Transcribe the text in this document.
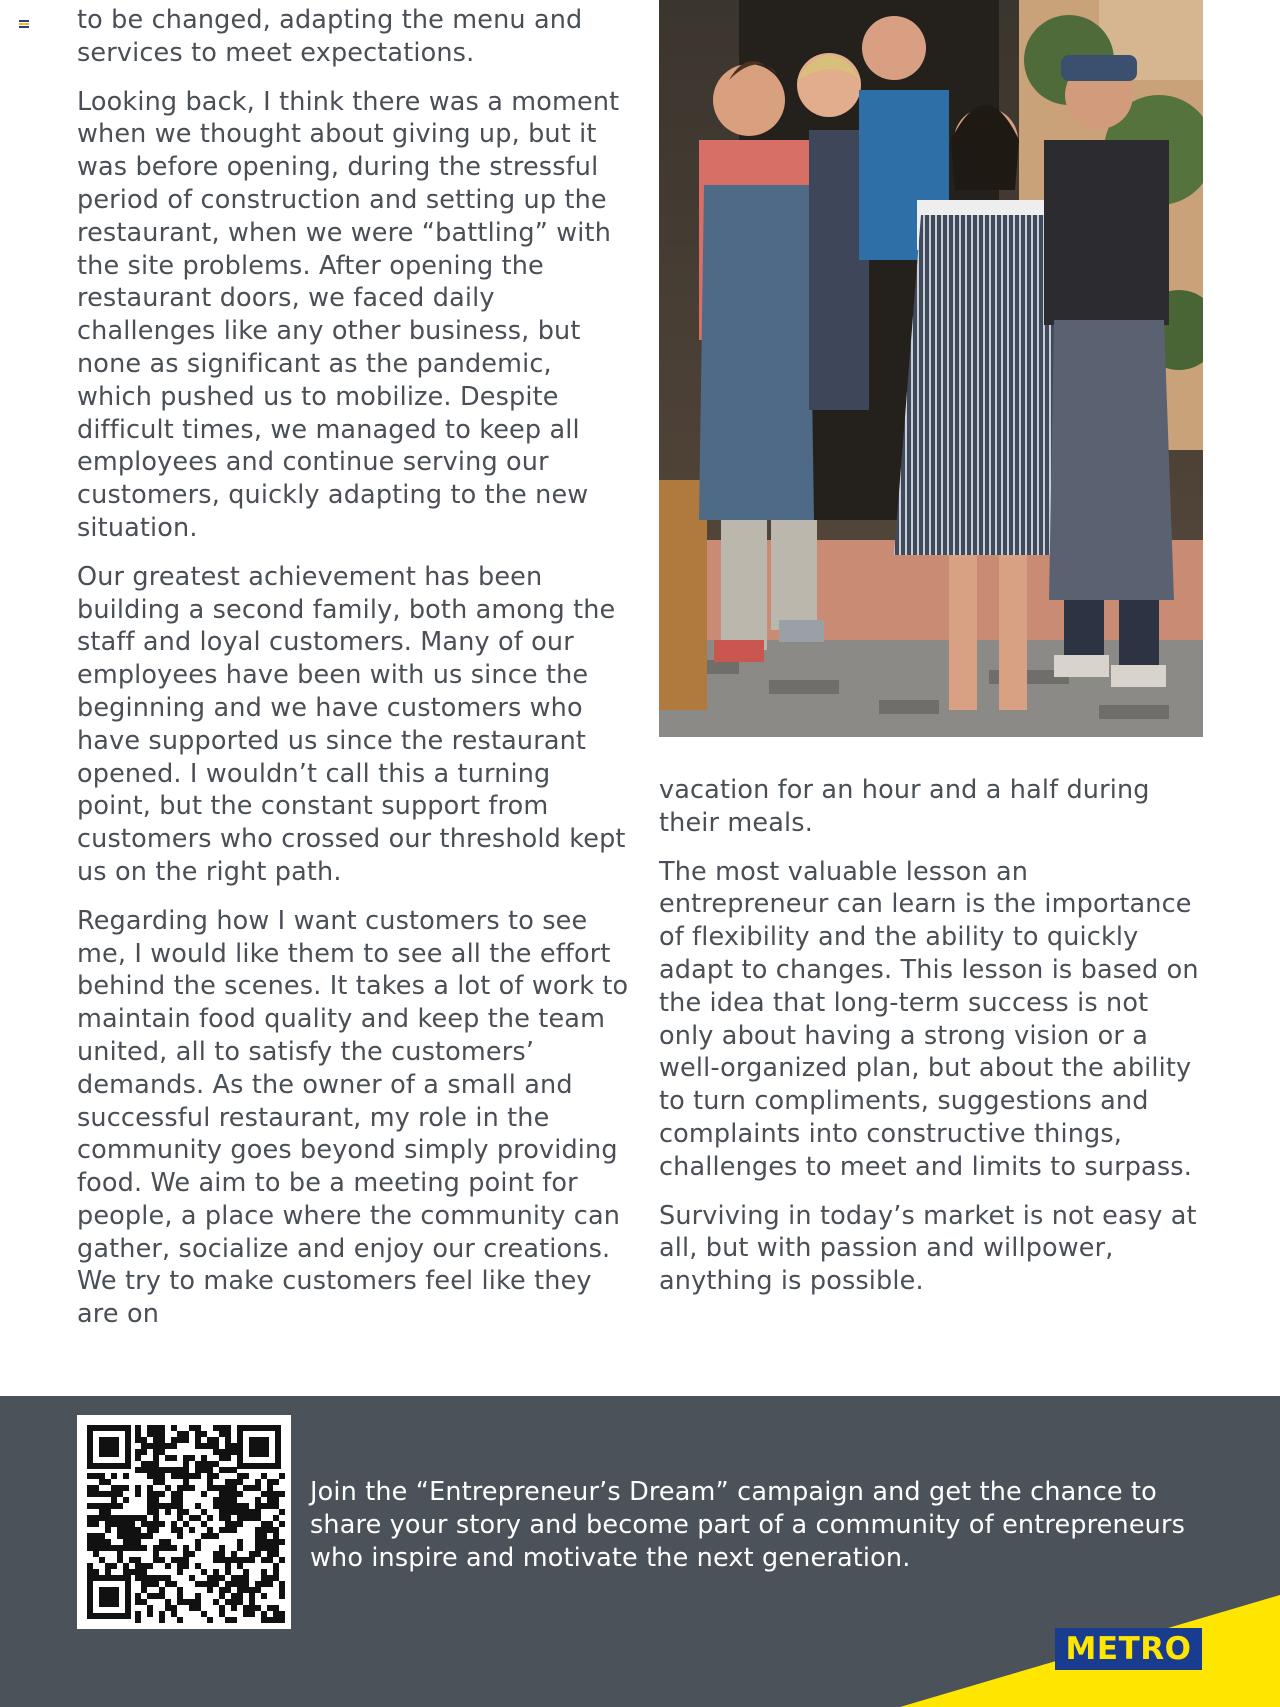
to be changed, adapting the menu and services to meet expectations.

Looking back, I think there was a moment when we thought about giving up, but it was before opening, during the stressful period of construction and setting up the restaurant, when we were “battling” with the site problems. After opening the restaurant doors, we faced daily challenges like any other business, but none as significant as the pandemic, which pushed us to mobilize. Despite difficult times, we managed to keep all employees and continue serving our customers, quickly adapting to the new situation.

Our greatest achievement has been building a second family, both among the staff and loyal customers. Many of our employees have been with us since the beginning and we have customers who have supported us since the restaurant opened. I wouldn’t call this a turning point, but the constant support from customers who crossed our threshold kept us on the right path.

Regarding how I want customers to see me, I would like them to see all the effort behind the scenes. It takes a lot of work to maintain food quality and keep the team united, all to satisfy the customers’ demands. As the owner of a small and successful restaurant, my role in the community goes beyond simply providing food. We aim to be a meeting point for people, a place where the community can gather, socialize and enjoy our creations. We try to make customers feel like they are on

vacation for an hour and a half during their meals.

The most valuable lesson an entrepreneur can learn is the importance of flexibility and the ability to quickly adapt to changes. This lesson is based on the idea that long-term success is not only about having a strong vision or a well-organized plan, but about the ability to turn compliments, suggestions and complaints into constructive things, challenges to meet and limits to surpass.

Surviving in today’s market is not easy at all, but with passion and willpower, anything is possible.

Join the “Entrepreneur’s Dream” campaign and get the chance to share your story and become part of a community of entrepreneurs who inspire and motivate the next generation.
METRO
